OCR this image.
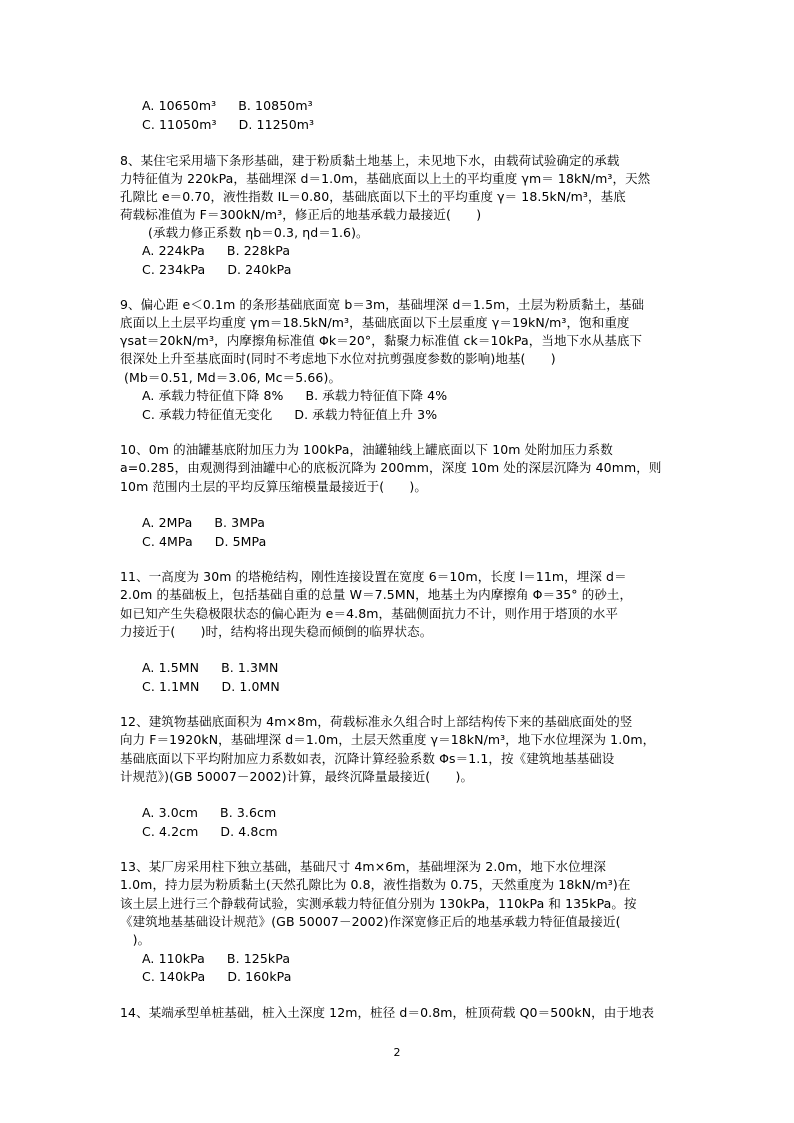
A. 10650m³ B. 10850m³
C. 11050m³ D. 11250m³
8、某住宅采用墙下条形基础，建于粉质黏土地基上，未见地下水，由载荷试验确定的承载
力特征值为 220kPa，基础埋深 d＝1.0m，基础底面以上土的平均重度 γm＝ 18kN/m³，天然
孔隙比 e＝0.70，液性指数 IL＝0.80，基础底面以下土的平均重度 γ＝ 18.5kN/m³，基底
荷载标准值为 F＝300kN/m³，修正后的地基承载力最接近(　　)
(承载力修正系数 ηb＝0.3, ηd＝1.6)。
A. 224kPa B. 228kPa
C. 234kPa D. 240kPa
9、偏心距 e＜0.1m 的条形基础底面宽 b＝3m，基础埋深 d＝1.5m，土层为粉质黏土，基础
底面以上土层平均重度 γm＝18.5kN/m³，基础底面以下土层重度 γ＝19kN/m³，饱和重度
γsat＝20kN/m³，内摩擦角标准值 Φk＝20°，黏聚力标准值 ck＝10kPa，当地下水从基底下
很深处上升至基底面时(同时不考虑地下水位对抗剪强度参数的影响)地基(　　)
(Mb＝0.51, Md＝3.06, Mc＝5.66)。
A. 承载力特征值下降 8% B. 承载力特征值下降 4%
C. 承载力特征值无变化 D. 承载力特征值上升 3%
10、0m 的油罐基底附加压力为 100kPa，油罐轴线上罐底面以下 10m 处附加压力系数
a=0.285，由观测得到油罐中心的底板沉降为 200mm，深度 10m 处的深层沉降为 40mm，则
10m 范围内土层的平均反算压缩模量最接近于(　　)。
A. 2MPa B. 3MPa
C. 4MPa D. 5MPa
11、一高度为 30m 的塔桅结构，刚性连接设置在宽度 6＝10m，长度 l＝11m，埋深 d＝
2.0m 的基础板上，包括基础自重的总量 W＝7.5MN，地基土为内摩擦角 Φ＝35° 的砂土，
如已知产生失稳极限状态的偏心距为 e＝4.8m，基础侧面抗力不计，则作用于塔顶的水平
力接近于(　　)时，结构将出现失稳而倾倒的临界状态。
A. 1.5MN B. 1.3MN
C. 1.1MN D. 1.0MN
12、建筑物基础底面积为 4m×8m，荷载标准永久组合时上部结构传下来的基础底面处的竖
向力 F＝1920kN，基础埋深 d＝1.0m，土层天然重度 γ＝18kN/m³，地下水位埋深为 1.0m，
基础底面以下平均附加应力系数如表，沉降计算经验系数 Φs＝1.1，按《建筑地基基础设
计规范》)(GB 50007－2002)计算，最终沉降量最接近(　　)。
A. 3.0cm B. 3.6cm
C. 4.2cm D. 4.8cm
13、某厂房采用柱下独立基础，基础尺寸 4m×6m，基础埋深为 2.0m，地下水位埋深
1.0m，持力层为粉质黏土(天然孔隙比为 0.8，液性指数为 0.75，天然重度为 18kN/m³)在
该土层上进行三个静载荷试验，实测承载力特征值分别为 130kPa，110kPa 和 135kPa。按
《建筑地基基础设计规范》(GB 50007－2002)作深宽修正后的地基承载力特征值最接近(
　)。
A. 110kPa B. 125kPa
C. 140kPa D. 160kPa
14、某端承型单桩基础，桩入土深度 12m，桩径 d＝0.8m，桩顶荷载 Q0＝500kN，由于地表
2
